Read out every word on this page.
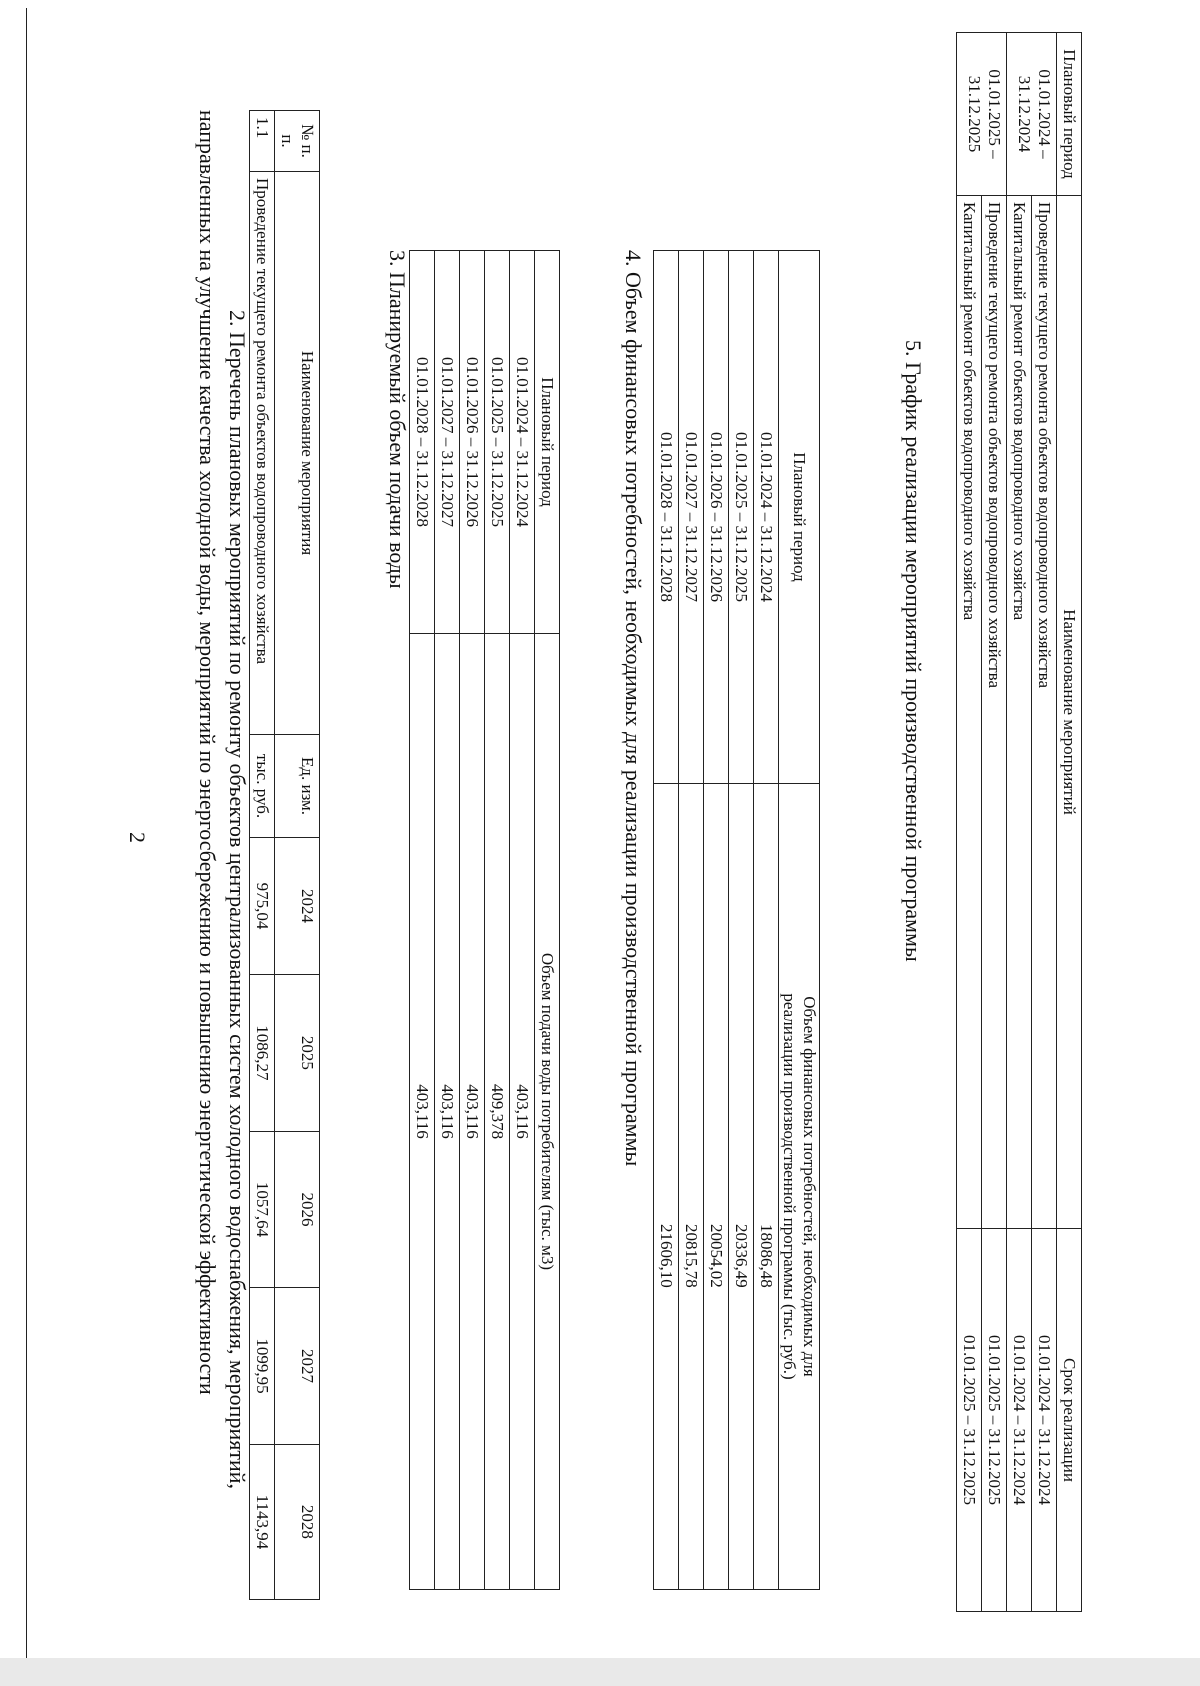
2	2. Перечень плановых мероприятий по ремонту объектов централизованных систем холодного водоснабжения, мероприятий, направленных на улучшение качества холодной воды, мероприятий по энергосбережению и повышению энергетической эффективности	№ п. п.	Наименование мероприятия	Ед. изм.	2024	2025	2026	2027	2028
1.1	Проведение текущего ремонта объектов водопроводного хозяйства	тыс. руб.	975,04	1086,27	1057,64	1099,95	1143,94
3. Планируемый объем подачи воды	Плановый период	Объем подачи воды потребителям (тыс. м3)
01.01.2024 – 31.12.2024	403,116
01.01.2025 – 31.12.2025	409,378
01.01.2026 – 31.12.2026	403,116
01.01.2027 – 31.12.2027	403,116
01.01.2028 – 31.12.2028	403,116	4. Объем финансовых потребностей, необходимых для реализации производственной программы	Плановый период	Объем финансовых потребностей, необходимых для реализации производственной программы (тыс. руб.)
01.01.2024 – 31.12.2024	18086,48
01.01.2025 – 31.12.2025	20336,49
01.01.2026 – 31.12.2026	20054,02
01.01.2027 – 31.12.2027	20815,78
01.01.2028 – 31.12.2028	21606,10
5. График реализации мероприятий производственной программы
Плановый период	Наименование мероприятий	Срок реализации
01.01.2024 – 31.12.2024	Проведение текущего ремонта объектов водопроводного хозяйства	01.01.2024 – 31.12.2024
	Капитальный ремонт объектов водопроводного хозяйства	01.01.2024 – 31.12.2024
01.01.2025 – 31.12.2025	Проведение текущего ремонта объектов водопроводного хозяйства	01.01.2025 – 31.12.2025
	Капитальный ремонт объектов водопроводного хозяйства	01.01.2025 – 31.12.2025
